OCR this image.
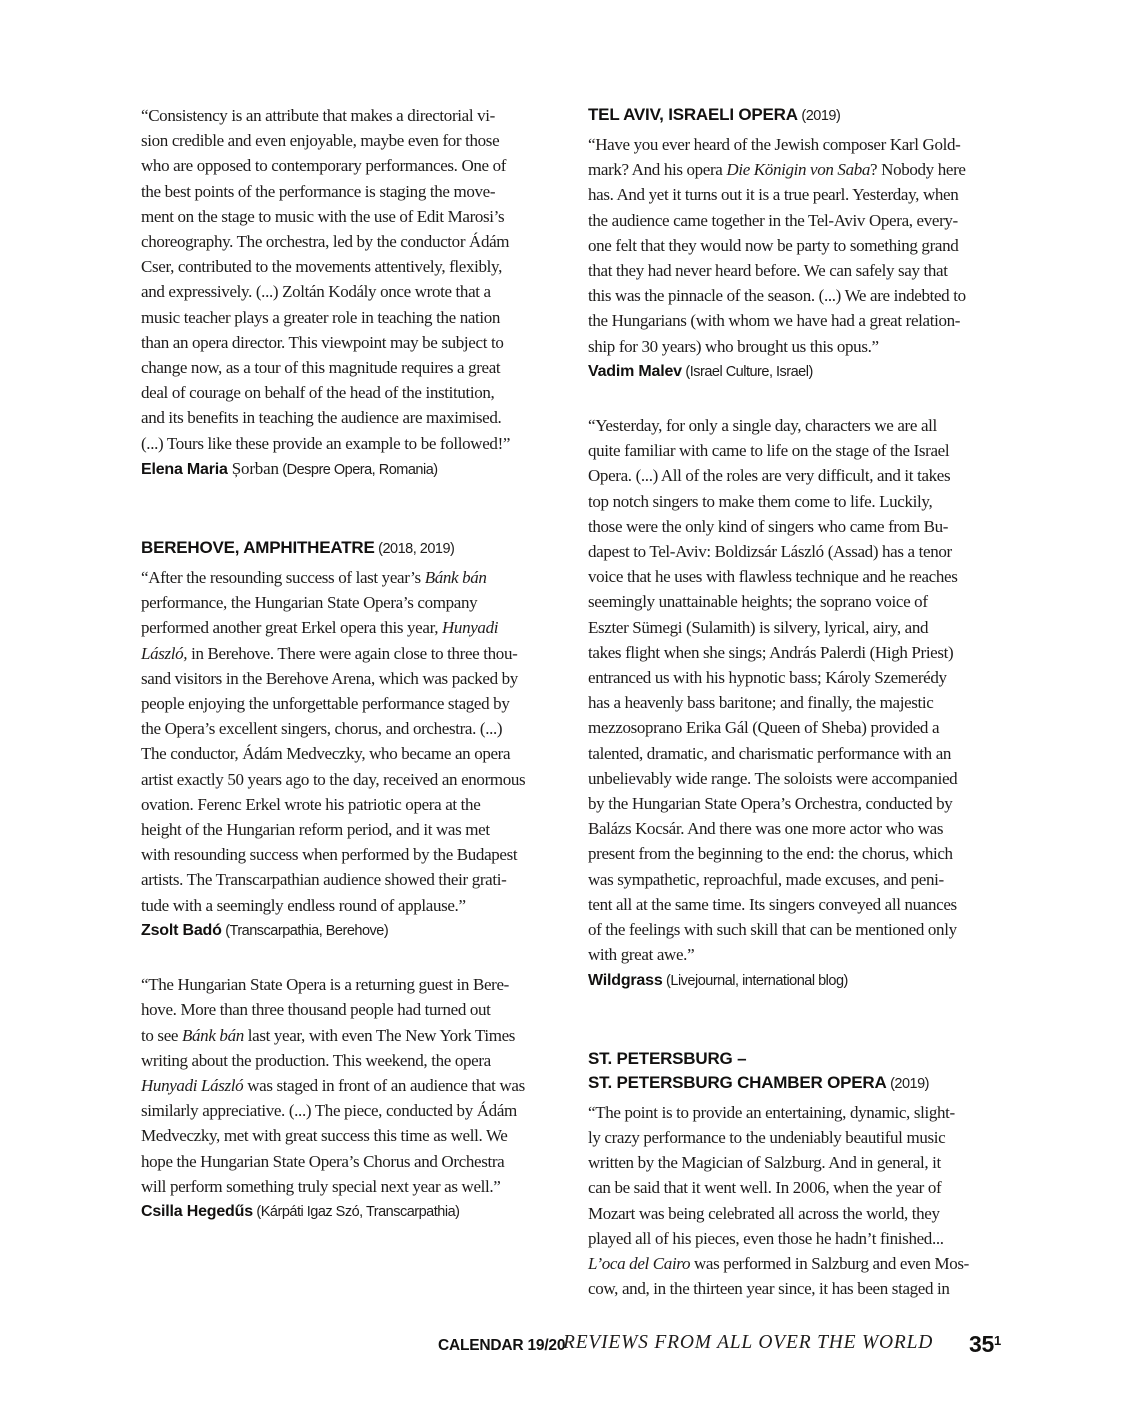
“Consistency is an attribute that makes a directorial vi-
sion credible and even enjoyable, maybe even for those
who are opposed to contemporary performances. One of
the best points of the performance is staging the move-
ment on the stage to music with the use of Edit Marosi’s
choreography. The orchestra, led by the conductor Ádám
Cser, contributed to the movements attentively, flexibly,
and expressively. (...) Zoltán Kodály once wrote that a
music teacher plays a greater role in teaching the nation
than an opera director. This viewpoint may be subject to
change now, as a tour of this magnitude requires a great
deal of courage on behalf of the head of the institution,
and its benefits in teaching the audience are maximised.
(...) Tours like these provide an example to be followed!”
Elena Maria Șorban (Despre Opera, Romania)
BEREHOVE, AMPHITHEATRE (2018, 2019)
“After the resounding success of last year’s Bánk bán
performance, the Hungarian State Opera’s company
performed another great Erkel opera this year, Hunyadi
László, in Berehove. There were again close to three thou-
sand visitors in the Berehove Arena, which was packed by
people enjoying the unforgettable performance staged by
the Opera’s excellent singers, chorus, and orchestra. (...)
The conductor, Ádám Medveczky, who became an opera
artist exactly 50 years ago to the day, received an enormous
ovation. Ferenc Erkel wrote his patriotic opera at the
height of the Hungarian reform period, and it was met
with resounding success when performed by the Budapest
artists. The Transcarpathian audience showed their grati-
tude with a seemingly endless round of applause.”
Zsolt Badó (Transcarpathia, Berehove)
“The Hungarian State Opera is a returning guest in Bere-
hove. More than three thousand people had turned out
to see Bánk bán last year, with even The New York Times
writing about the production. This weekend, the opera
Hunyadi László was staged in front of an audience that was
similarly appreciative. (...) The piece, conducted by Ádám
Medveczky, met with great success this time as well. We
hope the Hungarian State Opera’s Chorus and Orchestra
will perform something truly special next year as well.”
Csilla Hegedűs (Kárpáti Igaz Szó, Transcarpathia)
TEL AVIV, ISRAELI OPERA (2019)
“Have you ever heard of the Jewish composer Karl Gold-
mark? And his opera Die Königin von Saba? Nobody here
has. And yet it turns out it is a true pearl. Yesterday, when
the audience came together in the Tel-Aviv Opera, every-
one felt that they would now be party to something grand
that they had never heard before. We can safely say that
this was the pinnacle of the season. (...) We are indebted to
the Hungarians (with whom we have had a great relation-
ship for 30 years) who brought us this opus.”
Vadim Malev (Israel Culture, Israel)
“Yesterday, for only a single day, characters we are all
quite familiar with came to life on the stage of the Israel
Opera. (...) All of the roles are very difficult, and it takes
top notch singers to make them come to life. Luckily,
those were the only kind of singers who came from Bu-
dapest to Tel-Aviv: Boldizsár László (Assad) has a tenor
voice that he uses with flawless technique and he reaches
seemingly unattainable heights; the soprano voice of
Eszter Sümegi (Sulamith) is silvery, lyrical, airy, and
takes flight when she sings; András Palerdi (High Priest)
entranced us with his hypnotic bass; Károly Szemerédy
has a heavenly bass baritone; and finally, the majestic
mezzosoprano Erika Gál (Queen of Sheba) provided a
talented, dramatic, and charismatic performance with an
unbelievably wide range. The soloists were accompanied
by the Hungarian State Opera’s Orchestra, conducted by
Balázs Kocsár. And there was one more actor who was
present from the beginning to the end: the chorus, which
was sympathetic, reproachful, made excuses, and peni-
tent all at the same time. Its singers conveyed all nuances
of the feelings with such skill that can be mentioned only
with great awe.”
Wildgrass (Livejournal, international blog)
ST. PETERSBURG –
ST. PETERSBURG CHAMBER OPERA (2019)
“The point is to provide an entertaining, dynamic, slight-
ly crazy performance to the undeniably beautiful music
written by the Magician of Salzburg. And in general, it
can be said that it went well. In 2006, when the year of
Mozart was being celebrated all across the world, they
played all of his pieces, even those he hadn’t finished...
L’oca del Cairo was performed in Salzburg and even Mos-
cow, and, in the thirteen year since, it has been staged in
CALENDAR 19/20
REVIEWS FROM ALL OVER THE WORLD $35^1$
